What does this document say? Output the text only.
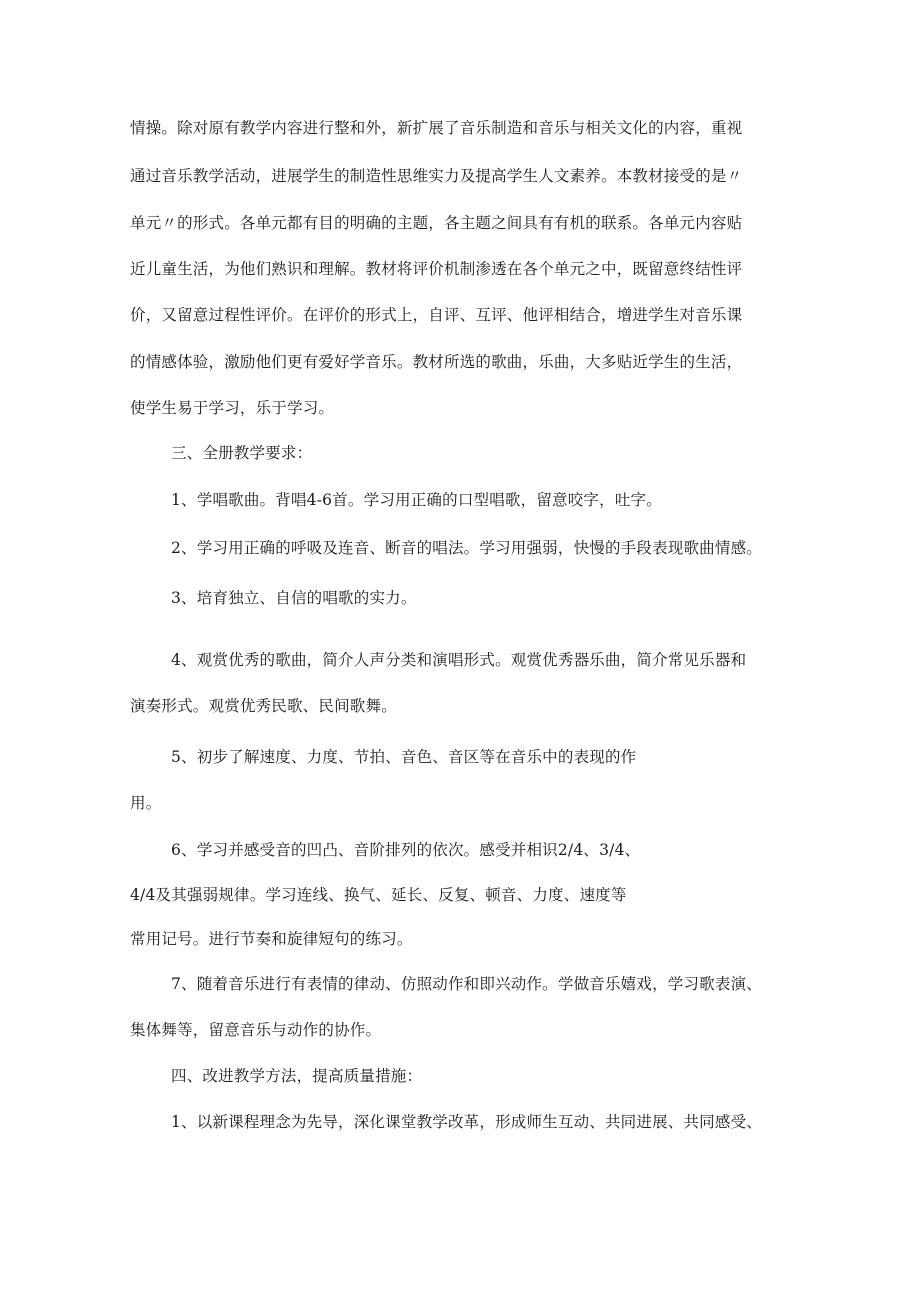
情操。除对原有教学内容进行整和外，新扩展了音乐制造和音乐与相关文化的内容，重视
通过音乐教学活动，进展学生的制造性思维实力及提高学生人文素养。本教材接受的是〃
单元〃的形式。各单元都有目的明确的主题，各主题之间具有有机的联系。各单元内容贴
近儿童生活，为他们熟识和理解。教材将评价机制渗透在各个单元之中，既留意终结性评
价，又留意过程性评价。在评价的形式上，自评、互评、他评相结合，增进学生对音乐课
的情感体验，激励他们更有爱好学音乐。教材所选的歌曲，乐曲，大多贴近学生的生活，
使学生易于学习，乐于学习。
三、全册教学要求：
1、学唱歌曲。背唱4-6首。学习用正确的口型唱歌，留意咬字，吐字。
2、学习用正确的呼吸及连音、断音的唱法。学习用强弱，快慢的手段表现歌曲情感。
3、培育独立、自信的唱歌的实力。
4、观赏优秀的歌曲，简介人声分类和演唱形式。观赏优秀器乐曲，简介常见乐器和
演奏形式。观赏优秀民歌、民间歌舞。
5、初步了解速度、力度、节拍、音色、音区等在音乐中的表现的作
用。
6、学习并感受音的凹凸、音阶排列的依次。感受并相识2/4、3/4、
4/4及其强弱规律。学习连线、换气、延长、反复、顿音、力度、速度等
常用记号。进行节奏和旋律短句的练习。
7、随着音乐进行有表情的律动、仿照动作和即兴动作。学做音乐嬉戏，学习歌表演、
集体舞等，留意音乐与动作的协作。
四、改进教学方法，提高质量措施：
1、以新课程理念为先导，深化课堂教学改革，形成师生互动、共同进展、共同感受、
